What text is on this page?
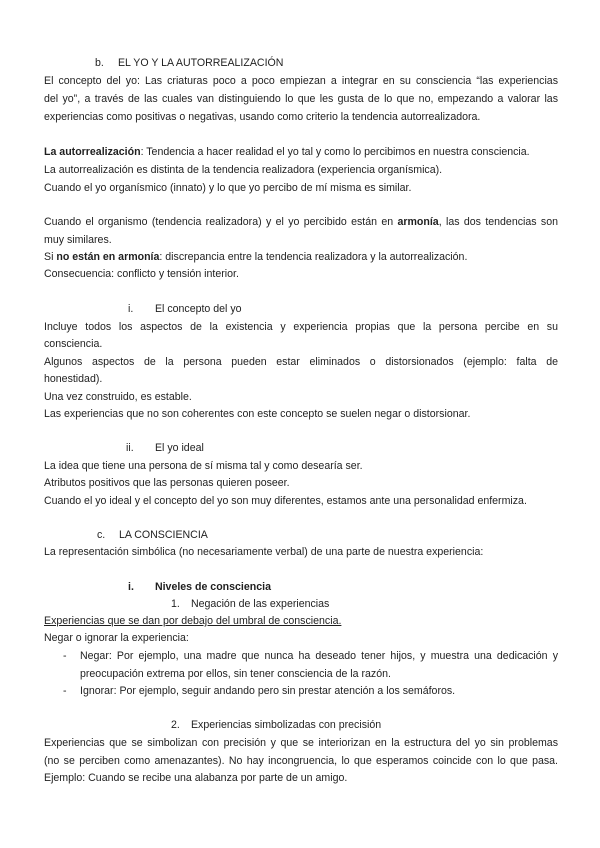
b. EL YO Y LA AUTORREALIZACIÓN
El concepto del yo: Las criaturas poco a poco empiezan a integrar en su consciencia “las experiencias
del yo”, a través de las cuales van distinguiendo lo que les gusta de lo que no, empezando a valorar las
experiencias como positivas o negativas, usando como criterio la tendencia autorrealizadora.
La autorrealización: Tendencia a hacer realidad el yo tal y como lo percibimos en nuestra consciencia.
La autorrealización es distinta de la tendencia realizadora (experiencia organísmica).
Cuando el yo organísmico (innato) y lo que yo percibo de mí misma es similar.
Cuando el organismo (tendencia realizadora) y el yo percibido están en armonía, las dos tendencias son
muy similares.
Si no están en armonía: discrepancia entre la tendencia realizadora y la autorrealización.
Consecuencia: conflicto y tensión interior.
i. El concepto del yo
Incluye todos los aspectos de la existencia y experiencia propias que la persona percibe en su
consciencia.
Algunos aspectos de la persona pueden estar eliminados o distorsionados (ejemplo: falta de
honestidad).
Una vez construido, es estable.
Las experiencias que no son coherentes con este concepto se suelen negar o distorsionar.
ii. El yo ideal
La idea que tiene una persona de sí misma tal y como desearía ser.
Atributos positivos que las personas quieren poseer.
Cuando el yo ideal y el concepto del yo son muy diferentes, estamos ante una personalidad enfermiza.
c. LA CONSCIENCIA
La representación simbólica (no necesariamente verbal) de una parte de nuestra experiencia:
i. Niveles de consciencia
1. Negación de las experiencias
Experiencias que se dan por debajo del umbral de consciencia.
Negar o ignorar la experiencia:
-	Negar: Por ejemplo, una madre que nunca ha deseado tener hijos, y muestra una dedicación y
preocupación extrema por ellos, sin tener consciencia de la razón.
-	Ignorar: Por ejemplo, seguir andando pero sin prestar atención a los semáforos.
2. Experiencias simbolizadas con precisión
Experiencias que se simbolizan con precisión y que se interiorizan en la estructura del yo sin problemas
(no se perciben como amenazantes). No hay incongruencia, lo que esperamos coincide con lo que pasa.
Ejemplo: Cuando se recibe una alabanza por parte de un amigo.
